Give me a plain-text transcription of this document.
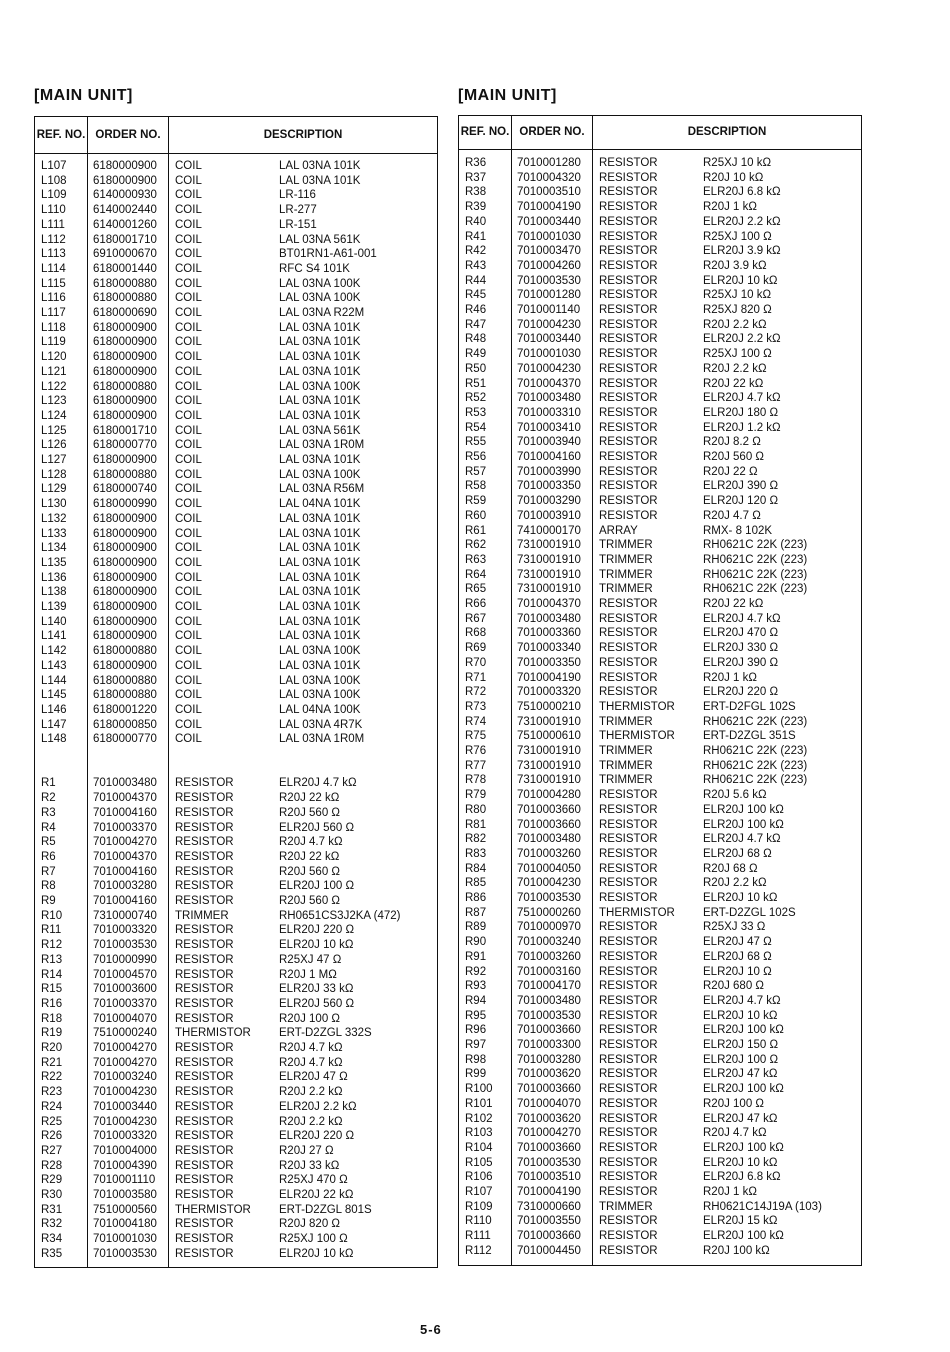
[MAIN UNIT]
REF. NO. ORDER NO.	DESCRIPTION
L107 6180000900 COIL	LAL 03NA 101K
L108 6180000900 COIL	LAL 03NA 101K
L109 6140000930 COIL	LR-116
L110 6140002440 COIL	LR-277
L111 6140001260 COIL	LR-151
L112 6180001710 COIL	LAL 03NA 561K
L113 6910000670 COIL	BT01RN1-A61-001
L114 6180001440 COIL	RFC S4 101K
L115 6180000880 COIL	LAL 03NA 100K
L116 6180000880 COIL	LAL 03NA 100K
L117 6180000690 COIL	LAL 03NA R22M
L118 6180000900 COIL	LAL 03NA 101K
L119 6180000900 COIL	LAL 03NA 101K
L120 6180000900 COIL	LAL 03NA 101K
L121 6180000900 COIL	LAL 03NA 101K
L122 6180000880 COIL	LAL 03NA 100K
L123 6180000900 COIL	LAL 03NA 101K
L124 6180000900 COIL	LAL 03NA 101K
L125 6180001710 COIL	LAL 03NA 561K
L126 6180000770 COIL	LAL 03NA 1R0M
L127 6180000900 COIL	LAL 03NA 101K
L128 6180000880 COIL	LAL 03NA 100K
L129 6180000740 COIL	LAL 03NA R56M
L130 6180000990 COIL	LAL 04NA 101K
L132 6180000900 COIL	LAL 03NA 101K
L133 6180000900 COIL	LAL 03NA 101K
L134 6180000900 COIL	LAL 03NA 101K
L135 6180000900 COIL	LAL 03NA 101K
L136 6180000900 COIL	LAL 03NA 101K
L138 6180000900 COIL	LAL 03NA 101K
L139 6180000900 COIL	LAL 03NA 101K
L140 6180000900 COIL	LAL 03NA 101K
L141 6180000900 COIL	LAL 03NA 101K
L142 6180000880 COIL	LAL 03NA 100K
L143 6180000900 COIL	LAL 03NA 101K
L144 6180000880 COIL	LAL 03NA 100K
L145 6180000880 COIL	LAL 03NA 100K
L146 6180001220 COIL	LAL 04NA 100K
L147 6180000850 COIL	LAL 03NA 4R7K
L148 6180000770 COIL	LAL 03NA 1R0M
R1	7010003480 RESISTOR	ELR20J 4.7 kΩ
R2	7010004370 RESISTOR	R20J 22 kΩ
R3	7010004160 RESISTOR	R20J 560 Ω
R4	7010003370 RESISTOR	ELR20J 560 Ω
R5	7010004270 RESISTOR	R20J 4.7 kΩ
R6	7010004370 RESISTOR	R20J 22 kΩ
R7	7010004160 RESISTOR	R20J 560 Ω
R8	7010003280 RESISTOR	ELR20J 100 Ω
R9	7010004160 RESISTOR	R20J 560 Ω
R10	7310000740 TRIMMER	RH0651CS3J2KA (472)
R11	7010003320 RESISTOR	ELR20J 220 Ω
R12	7010003530 RESISTOR	ELR20J 10 kΩ
R13	7010000990 RESISTOR	R25XJ 47 Ω
R14	7010004570 RESISTOR	R20J 1 MΩ
R15	7010003600 RESISTOR	ELR20J 33 kΩ
R16	7010003370 RESISTOR	ELR20J 560 Ω
R18	7010004070 RESISTOR	R20J 100 Ω
R19	7510000240 THERMISTOR ERT-D2ZGL 332S
R20	7010004270 RESISTOR	R20J 4.7 kΩ
R21	7010004270 RESISTOR	R20J 4.7 kΩ
R22	7010003240 RESISTOR	ELR20J 47 Ω
R23	7010004230 RESISTOR	R20J 2.2 kΩ
R24	7010003440 RESISTOR	ELR20J 2.2 kΩ
R25	7010004230 RESISTOR	R20J 2.2 kΩ
R26	7010003320 RESISTOR	ELR20J 220 Ω
R27	7010004000 RESISTOR	R20J 27 Ω
R28	7010004390 RESISTOR	R20J 33 kΩ
R29	7010001110 RESISTOR	R25XJ 470 Ω
R30	7010003580 RESISTOR	ELR20J 22 kΩ
R31	7510000560 THERMISTOR ERT-D2ZGL 801S
R32	7010004180 RESISTOR	R20J 820 Ω
R34	7010001030 RESISTOR	R25XJ 100 Ω
R35	7010003530 RESISTOR	ELR20J 10 kΩ
[MAIN UNIT]
REF. NO. ORDER NO.	DESCRIPTION
R36	7010001280 RESISTOR	R25XJ 10 kΩ
R37	7010004320 RESISTOR	R20J 10 kΩ
R38	7010003510 RESISTOR	ELR20J 6.8 kΩ
R39	7010004190 RESISTOR	R20J 1 kΩ
R40	7010003440 RESISTOR	ELR20J 2.2 kΩ
R41	7010001030 RESISTOR	R25XJ 100 Ω
R42	7010003470 RESISTOR	ELR20J 3.9 kΩ
R43	7010004260 RESISTOR	R20J 3.9 kΩ
R44	7010003530 RESISTOR	ELR20J 10 kΩ
R45	7010001280 RESISTOR	R25XJ 10 kΩ
R46	7010001140 RESISTOR	R25XJ 820 Ω
R47	7010004230 RESISTOR	R20J 2.2 kΩ
R48	7010003440 RESISTOR	ELR20J 2.2 kΩ
R49	7010001030 RESISTOR	R25XJ 100 Ω
R50	7010004230 RESISTOR	R20J 2.2 kΩ
R51	7010004370 RESISTOR	R20J 22 kΩ
R52	7010003480 RESISTOR	ELR20J 4.7 kΩ
R53	7010003310 RESISTOR	ELR20J 180 Ω
R54	7010003410 RESISTOR	ELR20J 1.2 kΩ
R55	7010003940 RESISTOR	R20J 8.2 Ω
R56	7010004160 RESISTOR	R20J 560 Ω
R57	7010003990 RESISTOR	R20J 22 Ω
R58	7010003350 RESISTOR	ELR20J 390 Ω
R59	7010003290 RESISTOR	ELR20J 120 Ω
R60	7010003910 RESISTOR	R20J 4.7 Ω
R61	7410000170 ARRAY	RMX- 8 102K
R62	7310001910 TRIMMER	RH0621C 22K (223)
R63	7310001910 TRIMMER	RH0621C 22K (223)
R64	7310001910 TRIMMER	RH0621C 22K (223)
R65	7310001910 TRIMMER	RH0621C 22K (223)
R66	7010004370 RESISTOR	R20J 22 kΩ
R67	7010003480 RESISTOR	ELR20J 4.7 kΩ
R68	7010003360 RESISTOR	ELR20J 470 Ω
R69	7010003340 RESISTOR	ELR20J 330 Ω
R70	7010003350 RESISTOR	ELR20J 390 Ω
R71	7010004190 RESISTOR	R20J 1 kΩ
R72	7010003320 RESISTOR	ELR20J 220 Ω
R73	7510000210 THERMISTOR ERT-D2FGL 102S
R74	7310001910 TRIMMER	RH0621C 22K (223)
R75	7510000610 THERMISTOR ERT-D2ZGL 351S
R76	7310001910 TRIMMER	RH0621C 22K (223)
R77	7310001910 TRIMMER	RH0621C 22K (223)
R78	7310001910 TRIMMER	RH0621C 22K (223)
R79	7010004280 RESISTOR	R20J 5.6 kΩ
R80	7010003660 RESISTOR	ELR20J 100 kΩ
R81	7010003660 RESISTOR	ELR20J 100 kΩ
R82	7010003480 RESISTOR	ELR20J 4.7 kΩ
R83	7010003260 RESISTOR	ELR20J 68 Ω
R84	7010004050 RESISTOR	R20J 68 Ω
R85	7010004230 RESISTOR	R20J 2.2 kΩ
R86	7010003530 RESISTOR	ELR20J 10 kΩ
R87	7510000260 THERMISTOR ERT-D2ZGL 102S
R89	7010000970 RESISTOR	R25XJ 33 Ω
R90	7010003240 RESISTOR	ELR20J 47 Ω
R91	7010003260 RESISTOR	ELR20J 68 Ω
R92	7010003160 RESISTOR	ELR20J 10 Ω
R93	7010004170 RESISTOR	R20J 680 Ω
R94	7010003480 RESISTOR	ELR20J 4.7 kΩ
R95	7010003530 RESISTOR	ELR20J 10 kΩ
R96	7010003660 RESISTOR	ELR20J 100 kΩ
R97	7010003300 RESISTOR	ELR20J 150 Ω
R98	7010003280 RESISTOR	ELR20J 100 Ω
R99	7010003620 RESISTOR	ELR20J 47 kΩ
R100 7010003660 RESISTOR	ELR20J 100 kΩ
R101 7010004070 RESISTOR	R20J 100 Ω
R102 7010003620 RESISTOR	ELR20J 47 kΩ
R103 7010004270 RESISTOR	R20J 4.7 kΩ
R104 7010003660 RESISTOR	ELR20J 100 kΩ
R105 7010003530 RESISTOR	ELR20J 10 kΩ
R106 7010003510 RESISTOR	ELR20J 6.8 kΩ
R107 7010004190 RESISTOR	R20J 1 kΩ
R109 7310000660 TRIMMER	RH0621C14J19A (103)
R110 7010003550 RESISTOR	ELR20J 15 kΩ
R111 7010003660 RESISTOR	ELR20J 100 kΩ
R112 7010004450 RESISTOR	R20J 100 kΩ
5-6
